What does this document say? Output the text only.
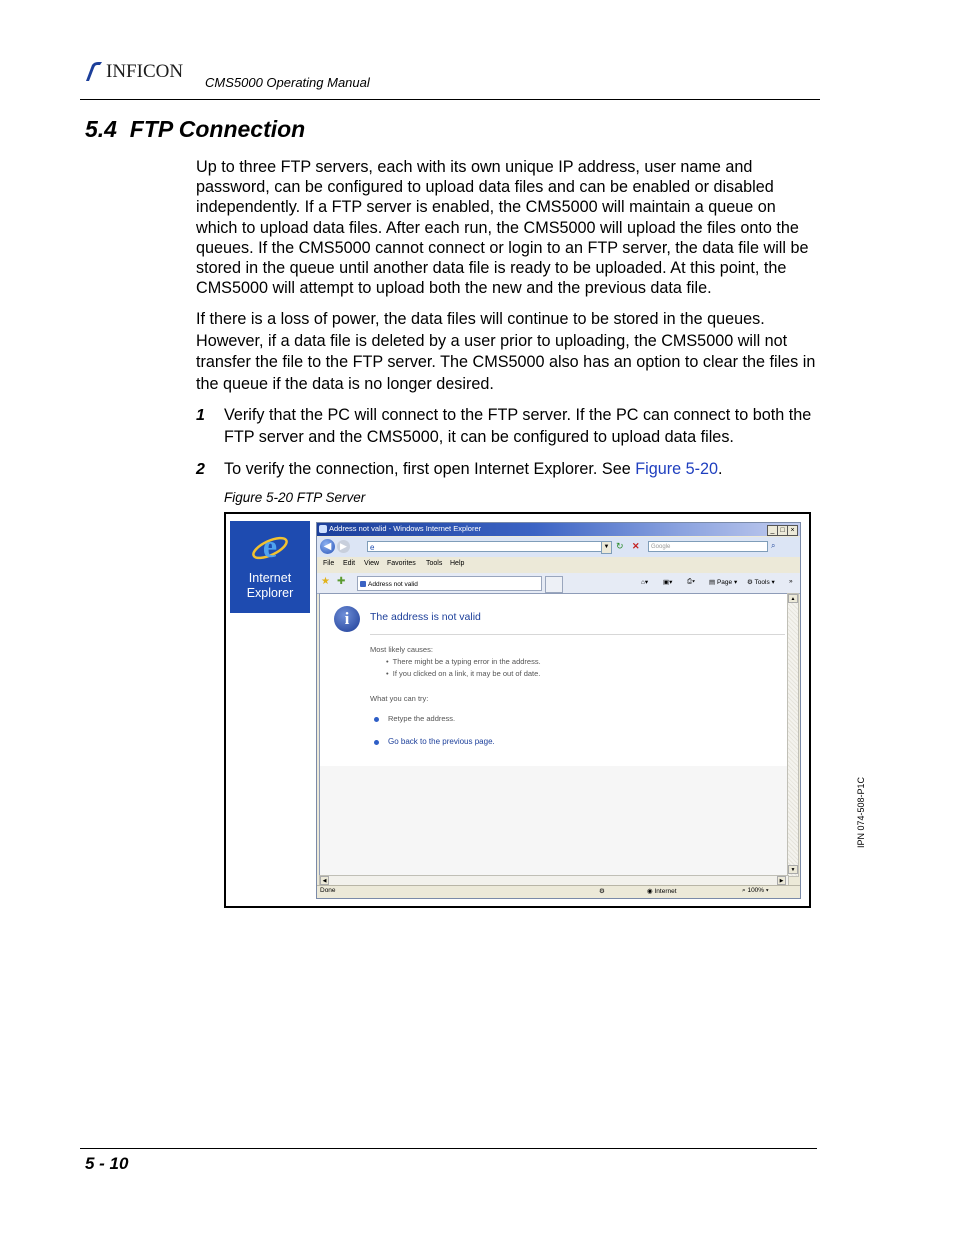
INFICON
CMS5000 Operating Manual
5.4 FTP Connection
Up to three FTP servers, each with its own unique IP address, user name and password, can be configured to upload data files and can be enabled or disabled independently. If a FTP server is enabled, the CMS5000 will maintain a queue on which to upload data files. After each run, the CMS5000 will upload the files onto the queues. If the CMS5000 cannot connect or login to an FTP server, the data file will be stored in the queue until another data file is ready to be uploaded. At this point, the CMS5000 will attempt to upload both the new and the previous data file.
If there is a loss of power, the data files will continue to be stored in the queues. However, if a data file is deleted by a user prior to uploading, the CMS5000 will not transfer the file to the FTP server. The CMS5000 also has an option to clear the files in the queue if the data is no longer desired.
1 Verify that the PC will connect to the FTP server. If the PC can connect to both the FTP server and the CMS5000, it can be configured to upload data files.
2 To verify the connection, first open Internet Explorer. See Figure 5-20.
Figure 5-20 FTP Server
e
Internet
Explorer
Address not valid - Windows Internet Explorer	_ □ ×
◀ ▶	e	▼ ↻ ✕	Google	⌕
File Edit View Favorites Tools Help
★ ✚	Address not valid	⌂▾ ▣▾ ⎙▾ ▤ Page ▾ ⚙ Tools ▾ »
i	The address is not valid
Most likely causes:
•  There might be a typing error in the address.
•  If you clicked on a link, it may be out of date.
What you can try:
Retype the address.
Go back to the previous page.
▲
▼
◀	▶
Done	⚙	◉ Internet	⌕ 100% ▾
IPN 074-508-P1C
5 - 10
